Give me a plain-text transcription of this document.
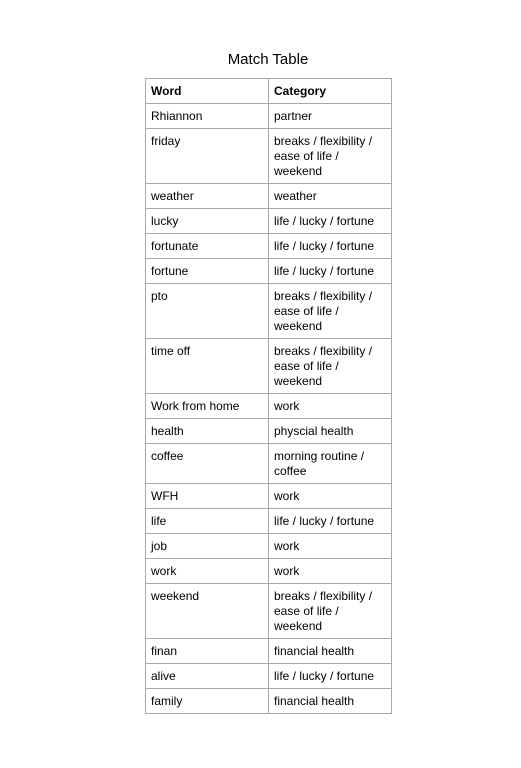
Match Table
Word	Category
Rhiannon	partner
friday	breaks / flexibility / ease of life / weekend
weather	weather
lucky	life / lucky / fortune
fortunate	life / lucky / fortune
fortune	life / lucky / fortune
pto	breaks / flexibility / ease of life / weekend
time off	breaks / flexibility / ease of life / weekend
Work from home	work
health	physcial health
coffee	morning routine / coffee
WFH	work
life	life / lucky / fortune
job	work
work	work
weekend	breaks / flexibility / ease of life / weekend
finan	financial health
alive	life / lucky / fortune
family	financial health
